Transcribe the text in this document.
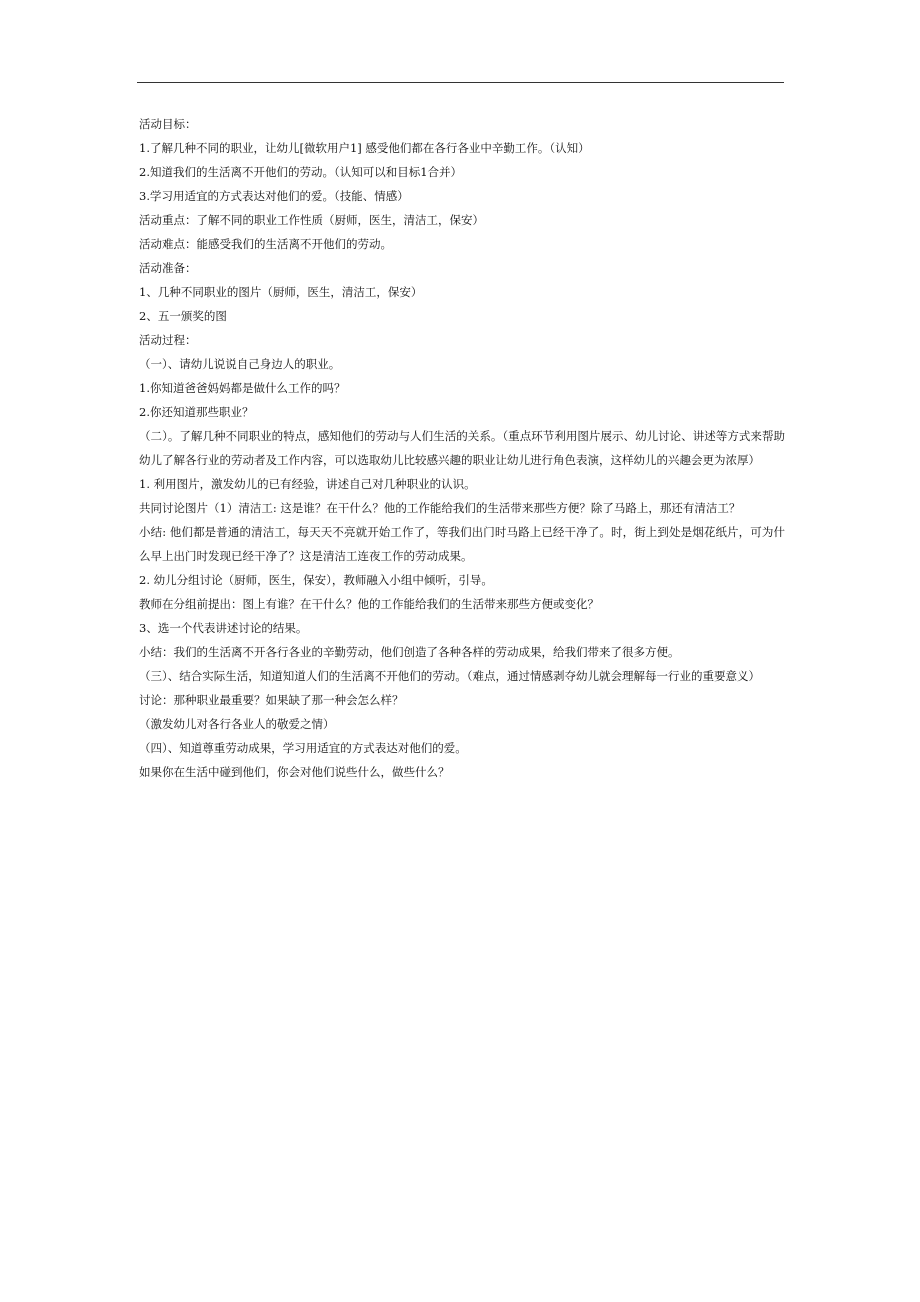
活动目标：
1.了解几种不同的职业，让幼儿[微软用户1] 感受他们都在各行各业中辛勤工作。（认知）
2.知道我们的生活离不开他们的劳动。（认知可以和目标1合并）
3.学习用适宜的方式表达对他们的爱。（技能、情感）
活动重点：了解不同的职业工作性质（厨师，医生，清洁工，保安）
活动难点：能感受我们的生活离不开他们的劳动。
活动准备：
1、几种不同职业的图片（厨师，医生，清洁工，保安）
2、五一颁奖的图
活动过程：
（一）、请幼儿说说自己身边人的职业。
1.你知道爸爸妈妈都是做什么工作的吗？
2.你还知道那些职业？
（二）。了解几种不同职业的特点，感知他们的劳动与人们生活的关系。（重点环节利用图片展示、幼儿讨论、讲述等方式来帮助幼儿了解各行业的劳动者及工作内容，可以选取幼儿比较感兴趣的职业让幼儿进行角色表演，这样幼儿的兴趣会更为浓厚）
1. 利用图片，激发幼儿的已有经验，讲述自己对几种职业的认识。
共同讨论图片（1）清洁工: 这是谁？在干什么？他的工作能给我们的生活带来那些方便？除了马路上，那还有清洁工？
小结: 他们都是普通的清洁工，每天天不亮就开始工作了，等我们出门时马路上已经干净了。时，街上到处是烟花纸片，可为什么早上出门时发现已经干净了？这是清洁工连夜工作的劳动成果。
2. 幼儿分组讨论（厨师，医生，保安），教师融入小组中倾听，引导。
教师在分组前提出：图上有谁？在干什么？他的工作能给我们的生活带来那些方便或变化？
3、选一个代表讲述讨论的结果。
小结：我们的生活离不开各行各业的辛勤劳动，他们创造了各种各样的劳动成果，给我们带来了很多方便。
（三）、结合实际生活，知道知道人们的生活离不开他们的劳动。（难点，通过情感剥夺幼儿就会理解每一行业的重要意义）
讨论：那种职业最重要？如果缺了那一种会怎么样？
（激发幼儿对各行各业人的敬爱之情）
（四）、知道尊重劳动成果，学习用适宜的方式表达对他们的爱。
如果你在生活中碰到他们，你会对他们说些什么，做些什么？
